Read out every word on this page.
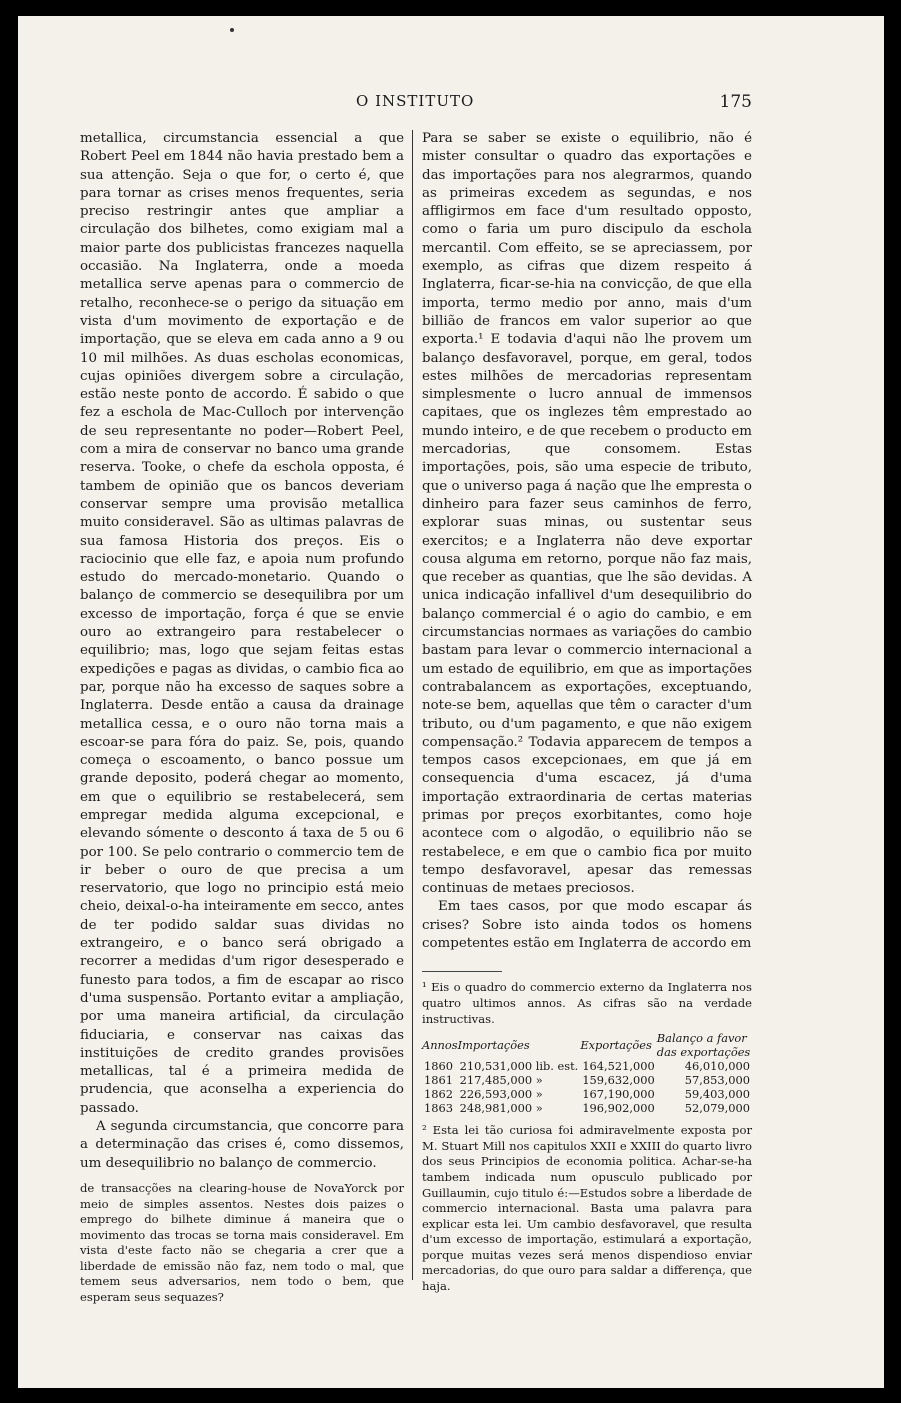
O INSTITUTO	175

metallica, circumstancia essencial a que Robert Peel em 1844 não havia prestado bem a sua attenção. Seja o que for, o certo é, que para tornar as crises menos frequentes, seria preciso restringir antes que ampliar a circulação dos bilhetes, como exigiam mal a maior parte dos publicistas francezes naquella occasião. Na Inglaterra, onde a moeda metallica serve apenas para o commercio de retalho, reconhece-se o perigo da situação em vista d'um movimento de exportação e de importação, que se eleva em cada anno a 9 ou 10 mil milhões. As duas escholas economicas, cujas opiniões divergem sobre a circulação, estão neste ponto de accordo. É sabido o que fez a eschola de Mac-Culloch por intervenção de seu representante no poder—Robert Peel, com a mira de conservar no banco uma grande reserva. Tooke, o chefe da eschola opposta, é tambem de opinião que os bancos deveriam conservar sempre uma provisão metallica muito consideravel. São as ultimas palavras de sua famosa Historia dos preços. Eis o raciocinio que elle faz, e apoia num profundo estudo do mercado-monetario. Quando o balanço de commercio se desequilibra por um excesso de importação, força é que se envie ouro ao extrangeiro para restabelecer o equilibrio; mas, logo que sejam feitas estas expedições e pagas as dividas, o cambio fica ao par, porque não ha excesso de saques sobre a Inglaterra. Desde então a causa da drainage metallica cessa, e o ouro não torna mais a escoar-se para fóra do paiz. Se, pois, quando começa o escoamento, o banco possue um grande deposito, poderá chegar ao momento, em que o equilibrio se restabelecerá, sem empregar medida alguma excepcional, e elevando sómente o desconto á taxa de 5 ou 6 por 100. Se pelo contrario o commercio tem de ir beber o ouro de que precisa a um reservatorio, que logo no principio está meio cheio, deixal-o-ha inteiramente em secco, antes de ter podido saldar suas dividas no extrangeiro, e o banco será obrigado a recorrer a medidas d'um rigor desesperado e funesto para todos, a fim de escapar ao risco d'uma suspensão. Portanto evitar a ampliação, por uma maneira artificial, da circulação fiduciaria, e conservar nas caixas das instituições de credito grandes provisões metallicas, tal é a primeira medida de prudencia, que aconselha a experiencia do passado.

A segunda circumstancia, que concorre para a determinação das crises é, como dissemos, um desequilibrio no balanço de commercio.

de transacções na clearing-house de NovaYorck por meio de simples assentos. Nestes dois paizes o emprego do bilhete diminue á maneira que o movimento das trocas se torna mais consideravel. Em vista d'este facto não se chegaria a crer que a liberdade de emissão não faz, nem todo o mal, que temem seus adversarios, nem todo o bem, que esperam seus sequazes?

Para se saber se existe o equilibrio, não é mister consultar o quadro das exportações e das importações para nos alegrarmos, quando as primeiras excedem as segundas, e nos affligirmos em face d'um resultado opposto, como o faria um puro discipulo da eschola mercantil. Com effeito, se se apreciassem, por exemplo, as cifras que dizem respeito á Inglaterra, ficar-se-hia na convicção, de que ella importa, termo medio por anno, mais d'um billião de francos em valor superior ao que exporta.¹ E todavia d'aqui não lhe provem um balanço desfavoravel, porque, em geral, todos estes milhões de mercadorias representam simplesmente o lucro annual de immensos capitaes, que os inglezes têm emprestado ao mundo inteiro, e de que recebem o producto em mercadorias, que consomem. Estas importações, pois, são uma especie de tributo, que o universo paga á nação que lhe empresta o dinheiro para fazer seus caminhos de ferro, explorar suas minas, ou sustentar seus exercitos; e a Inglaterra não deve exportar cousa alguma em retorno, porque não faz mais, que receber as quantias, que lhe são devidas. A unica indicação infallivel d'um desequilibrio do balanço commercial é o agio do cambio, e em circumstancias normaes as variações do cambio bastam para levar o commercio internacional a um estado de equilibrio, em que as importações contrabalancem as exportações, exceptuando, note-se bem, aquellas que têm o caracter d'um tributo, ou d'um pagamento, e que não exigem compensação.² Todavia apparecem de tempos a tempos casos excepcionaes, em que já em consequencia d'uma escacez, já d'uma importação extraordinaria de certas materias primas por preços exorbitantes, como hoje acontece com o algodão, o equilibrio não se restabelece, e em que o cambio fica por muito tempo desfavoravel, apesar das remessas continuas de metaes preciosos.

Em taes casos, por que modo escapar ás crises? Sobre isto ainda todos os homens competentes estão em Inglaterra de accordo em

¹ Eis o quadro do commercio externo da Inglaterra nos quatro ultimos annos. As cifras são na verdade instructivas.

Annos	Importações	Exportações	Balanço a favor das exportações
1860	210,531,000 lib. est.	164,521,000	46,010,000
1861	217,485,000 »	159,632,000	57,853,000
1862	226,593,000 »	167,190,000	59,403,000
1863	248,981,000 »	196,902,000	52,079,000

² Esta lei tão curiosa foi admiravelmente exposta por M. Stuart Mill nos capitulos XXII e XXIII do quarto livro dos seus Principios de economia politica. Achar-se-ha tambem indicada num opusculo publicado por Guillaumin, cujo titulo é:—Estudos sobre a liberdade de commercio internacional. Basta uma palavra para explicar esta lei. Um cambio desfavoravel, que resulta d'um excesso de importação, estimulará a exportação, porque muitas vezes será menos dispendioso enviar mercadorias, do que ouro para saldar a differença, que haja.
